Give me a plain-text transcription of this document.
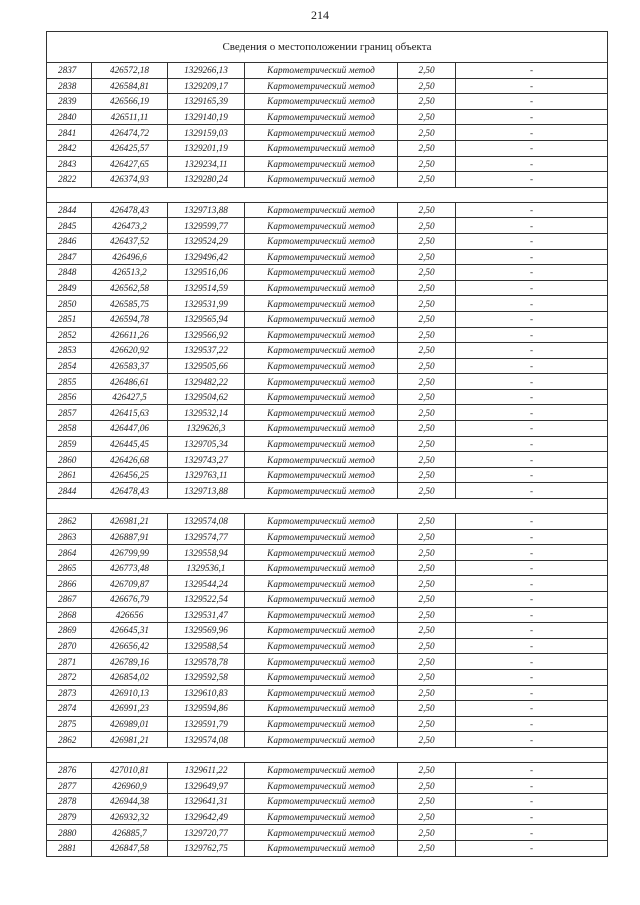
214
Сведения о местоположении границ объекта					
2837	426572,18	1329266,13	Картометрический метод	2,50	-
2838	426584,81	1329209,17	Картометрический метод	2,50	-
2839	426566,19	1329165,39	Картометрический метод	2,50	-
2840	426511,11	1329140,19	Картометрический метод	2,50	-
2841	426474,72	1329159,03	Картометрический метод	2,50	-
2842	426425,57	1329201,19	Картометрический метод	2,50	-
2843	426427,65	1329234,11	Картометрический метод	2,50	-
2822	426374,93	1329280,24	Картометрический метод	2,50	-

2844	426478,43	1329713,88	Картометрический метод	2,50	-
2845	426473,2	1329599,77	Картометрический метод	2,50	-
2846	426437,52	1329524,29	Картометрический метод	2,50	-
2847	426496,6	1329496,42	Картометрический метод	2,50	-
2848	426513,2	1329516,06	Картометрический метод	2,50	-
2849	426562,58	1329514,59	Картометрический метод	2,50	-
2850	426585,75	1329531,99	Картометрический метод	2,50	-
2851	426594,78	1329565,94	Картометрический метод	2,50	-
2852	426611,26	1329566,92	Картометрический метод	2,50	-
2853	426620,92	1329537,22	Картометрический метод	2,50	-
2854	426583,37	1329505,66	Картометрический метод	2,50	-
2855	426486,61	1329482,22	Картометрический метод	2,50	-
2856	426427,5	1329504,62	Картометрический метод	2,50	-
2857	426415,63	1329532,14	Картометрический метод	2,50	-
2858	426447,06	1329626,3	Картометрический метод	2,50	-
2859	426445,45	1329705,34	Картометрический метод	2,50	-
2860	426426,68	1329743,27	Картометрический метод	2,50	-
2861	426456,25	1329763,11	Картометрический метод	2,50	-
2844	426478,43	1329713,88	Картометрический метод	2,50	-

2862	426981,21	1329574,08	Картометрический метод	2,50	-
2863	426887,91	1329574,77	Картометрический метод	2,50	-
2864	426799,99	1329558,94	Картометрический метод	2,50	-
2865	426773,48	1329536,1	Картометрический метод	2,50	-
2866	426709,87	1329544,24	Картометрический метод	2,50	-
2867	426676,79	1329522,54	Картометрический метод	2,50	-
2868	426656	1329531,47	Картометрический метод	2,50	-
2869	426645,31	1329569,96	Картометрический метод	2,50	-
2870	426656,42	1329588,54	Картометрический метод	2,50	-
2871	426789,16	1329578,78	Картометрический метод	2,50	-
2872	426854,02	1329592,58	Картометрический метод	2,50	-
2873	426910,13	1329610,83	Картометрический метод	2,50	-
2874	426991,23	1329594,86	Картометрический метод	2,50	-
2875	426989,01	1329591,79	Картометрический метод	2,50	-
2862	426981,21	1329574,08	Картометрический метод	2,50	-

2876	427010,81	1329611,22	Картометрический метод	2,50	-
2877	426960,9	1329649,97	Картометрический метод	2,50	-
2878	426944,38	1329641,31	Картометрический метод	2,50	-
2879	426932,32	1329642,49	Картометрический метод	2,50	-
2880	426885,7	1329720,77	Картометрический метод	2,50	-
2881	426847,58	1329762,75	Картометрический метод	2,50	-
